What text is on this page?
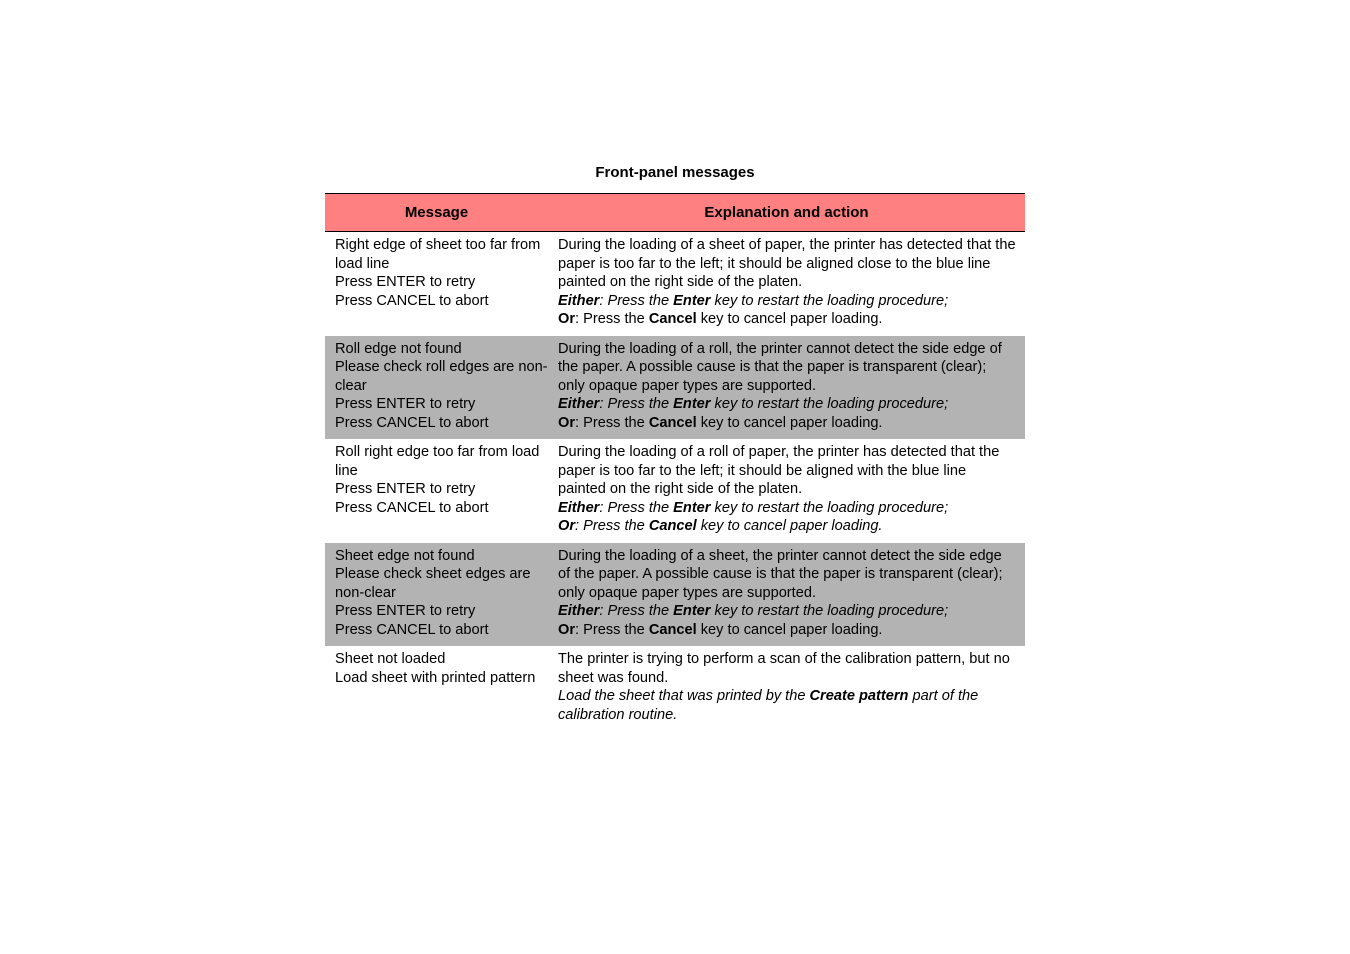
Front-panel messages
Message	Explanation and action
Right edge of sheet too far from load line
Press ENTER to retry
Press CANCEL to abort
During the loading of a sheet of paper, the printer has detected that the paper is too far to the left; it should be aligned close to the blue line painted on the right side of the platen.
Either: Press the Enter key to restart the loading procedure;
Or: Press the Cancel key to cancel paper loading.
Roll edge not found
Please check roll edges are non-clear
Press ENTER to retry
Press CANCEL to abort
During the loading of a roll, the printer cannot detect the side edge of the paper. A possible cause is that the paper is transparent (clear); only opaque paper types are supported.
Either: Press the Enter key to restart the loading procedure;
Or: Press the Cancel key to cancel paper loading.
Roll right edge too far from load line
Press ENTER to retry
Press CANCEL to abort
During the loading of a roll of paper, the printer has detected that the paper is too far to the left; it should be aligned with the blue line painted on the right side of the platen.
Either: Press the Enter key to restart the loading procedure;
Or: Press the Cancel key to cancel paper loading.
Sheet edge not found
Please check sheet edges are non-clear
Press ENTER to retry
Press CANCEL to abort
During the loading of a sheet, the printer cannot detect the side edge of the paper. A possible cause is that the paper is transparent (clear); only opaque paper types are supported.
Either: Press the Enter key to restart the loading procedure;
Or: Press the Cancel key to cancel paper loading.
Sheet not loaded
Load sheet with printed pattern
The printer is trying to perform a scan of the calibration pattern, but no sheet was found.
Load the sheet that was printed by the Create pattern part of the calibration routine.
